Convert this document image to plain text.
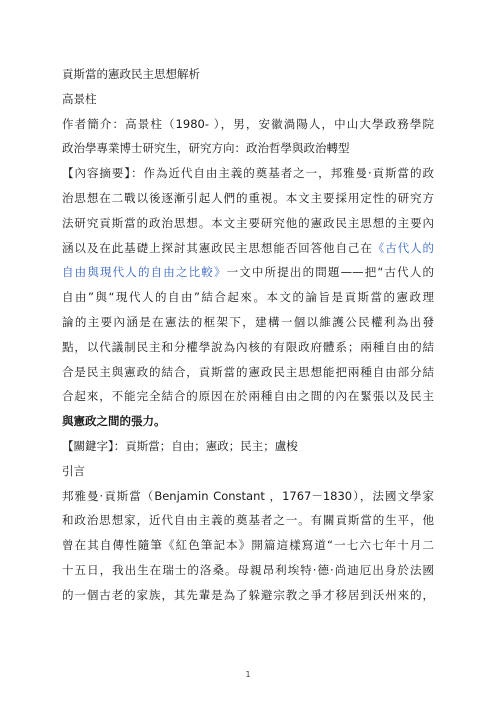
貢斯當的憲政民主思想解析
高景柱
作者簡介：高景柱（1980- ），男，安徽渦陽人，中山大學政務學院
政治學專業博士研究生，研究方向：政治哲學與政治轉型
【內容摘要】：作為近代自由主義的奠基者之一，邦雅曼·貢斯當的政
治思想在二戰以後逐漸引起人們的重視。本文主要採用定性的研究方
法研究貢斯當的政治思想。本文主要研究他的憲政民主思想的主要內
涵以及在此基礎上探討其憲政民主思想能否回答他自己在《古代人的
自由與現代人的自由之比較》一文中所提出的問題——把“古代人的
自由”與“現代人的自由”結合起來。本文的論旨是貢斯當的憲政理
論的主要內涵是在憲法的框架下，建構一個以維護公民權利為出發
點，以代議制民主和分權學說為內核的有限政府體系；兩種自由的結
合是民主與憲政的結合，貢斯當的憲政民主思想能把兩種自由部分結
合起來，不能完全結合的原因在於兩種自由之間的內在緊張以及民主
與憲政之間的張力。
【關鍵字】：貢斯當；自由；憲政；民主；盧梭
引言
邦雅曼·貢斯當（Benjamin Constant ，1767－1830），法國文學家
和政治思想家，近代自由主義的奠基者之一。有關貢斯當的生平，他
曾在其自傳性隨筆《紅色筆記本》開篇這樣寫道“一七六七年十月二
十五日，我出生在瑞士的洛桑。母親昂利埃特·德·尚迪厄出身於法國
的一個古老的家族，其先輩是為了躲避宗教之爭才移居到沃州來的，
1
